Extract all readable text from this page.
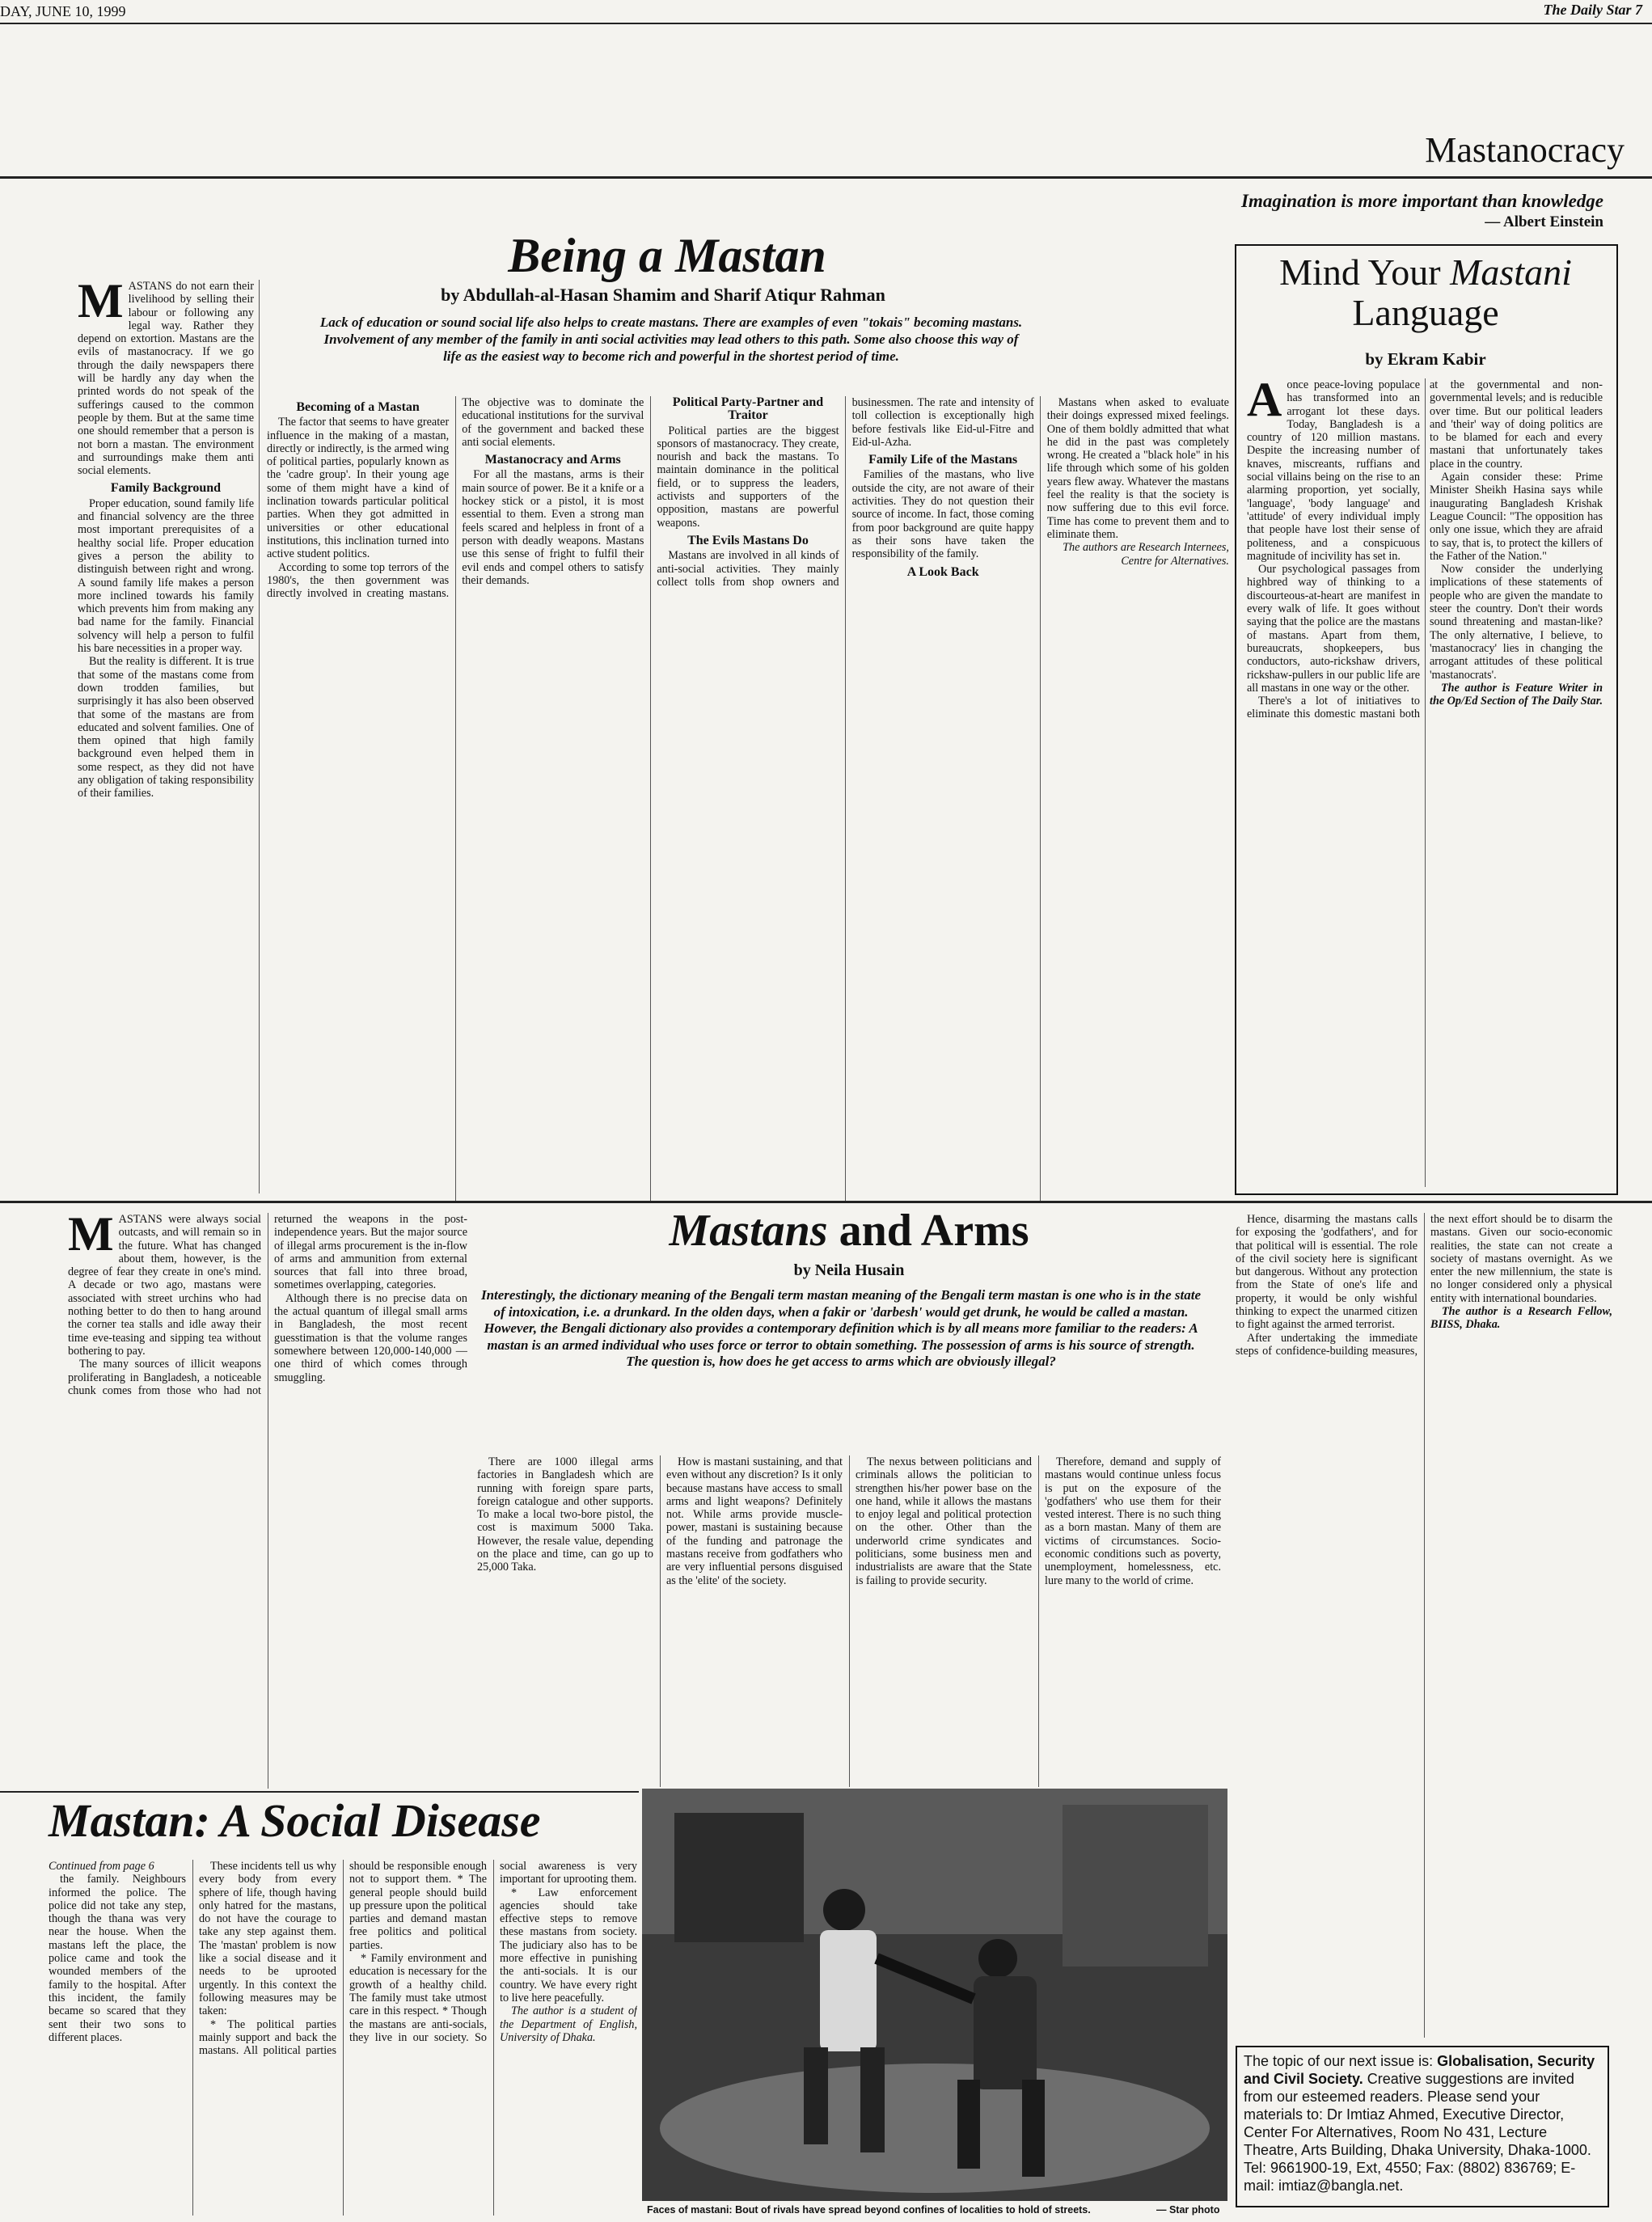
DAY, JUNE 10, 1999	The Daily Star 7
Mastanocracy
Imagination is more important than knowledge
— Albert Einstein
Being a Mastan
by Abdullah-al-Hasan Shamim and Sharif Atiqur Rahman
Lack of education or sound social life also helps to create mastans. There are examples of even "tokais" becoming mastans. Involvement of any member of the family in anti social activities may lead others to this path. Some also choose this way of life as the easiest way to become rich and powerful in the shortest period of time.

MASTANS do not earn their livelihood by selling their labour or following any legal way. Rather they depend on extortion. Mastans are the evils of mastanocracy. If we go through the daily newspapers there will be hardly any day when the printed words do not speak of the sufferings caused to the common people by them. But at the same time one should remember that a person is not born a mastan. The environment and surroundings make them anti social elements.

Family Background

Proper education, sound family life and financial solvency are the three most important prerequisites of a healthy social life. Proper education gives a person the ability to distinguish between right and wrong. A sound family life makes a person more inclined towards his family which prevents him from making any bad name for the family. Financial solvency will help a person to fulfil his bare necessities in a proper way.

But the reality is different. It is true that some of the mastans come from down trodden families, but surprisingly it has also been observed that some of the mastans are from educated and solvent families. One of them opined that high family background even helped them in some respect, as they did not have any obligation of taking responsibility of their families.

Becoming of a Mastan

The factor that seems to have greater influence in the making of a mastan, directly or indirectly, is the armed wing of political parties, popularly known as the 'cadre group'. In their young age some of them might have a kind of inclination towards particular political parties. When they got admitted in universities or other educational institutions, this inclination turned into active student politics.

According to some top terrors of the 1980's, the then government was directly involved in creating mastans. The objective was to dominate the educational institutions for the survival of the government and backed these anti social elements.

Mastanocracy and Arms

For all the mastans, arms is their main source of power. Be it a knife or a hockey stick or a pistol, it is most essential to them. Even a strong man feels scared and helpless in front of a person with deadly weapons. Mastans use this sense of fright to fulfil their evil ends and compel others to satisfy their demands.

Political Party-Partner and Traitor

Political parties are the biggest sponsors of mastanocracy. They create, nourish and back the mastans. To maintain dominance in the political field, or to suppress the leaders, activists and supporters of the opposition, mastans are powerful weapons.

The Evils Mastans Do

Mastans are involved in all kinds of anti-social activities. They mainly collect tolls from shop owners and businessmen. The rate and intensity of toll collection is exceptionally high before festivals like Eid-ul-Fitre and Eid-ul-Azha.

Family Life of the Mastans

Families of the mastans, who live outside the city, are not aware of their activities. They do not question their source of income. In fact, those coming from poor background are quite happy as their sons have taken the responsibility of the family.

A Look Back

Mastans when asked to evaluate their doings expressed mixed feelings. One of them boldly admitted that what he did in the past was completely wrong. He created a "black hole" in his life through which some of his golden years flew away. Whatever the mastans feel the reality is that the society is now suffering due to this evil force. Time has come to prevent them and to eliminate them.

The authors are Research Internees, Centre for Alternatives.

Mind Your Mastani
Language
by Ekram Kabir

Aonce peace-loving populace has transformed into an arrogant lot these days. Today, Bangladesh is a country of 120 million mastans. Despite the increasing number of knaves, miscreants, ruffians and social villains being on the rise to an alarming proportion, yet socially, 'language', 'body language' and 'attitude' of every individual imply that people have lost their sense of politeness, and a conspicuous magnitude of incivility has set in.

Our psychological passages from highbred way of thinking to a discourteous-at-heart are manifest in every walk of life. It goes without saying that the police are the mastans of mastans. Apart from them, bureaucrats, shopkeepers, bus conductors, auto-rickshaw drivers, rickshaw-pullers in our public life are all mastans in one way or the other.

There's a lot of initiatives to eliminate this domestic mastani both at the governmental and non-governmental levels; and is reducible over time. But our political leaders and 'their' way of doing politics are to be blamed for each and every mastani that unfortunately takes place in the country.

Again consider these: Prime Minister Sheikh Hasina says while inaugurating Bangladesh Krishak League Council: "The opposition has only one issue, which they are afraid to say, that is, to protect the killers of the Father of the Nation."

Now consider the underlying implications of these statements of people who are given the mandate to steer the country. Don't their words sound threatening and mastan-like? The only alternative, I believe, to 'mastanocracy' lies in changing the arrogant attitudes of these political 'mastanocrats'.

The author is Feature Writer in the Op/Ed Section of The Daily Star.

Mastans and Arms
by Neila Husain
Interestingly, the dictionary meaning of the Bengali term mastan meaning of the Bengali term mastan is one who is in the state of intoxication, i.e. a drunkard. In the olden days, when a fakir or 'darbesh' would get drunk, he would be called a mastan. However, the Bengali dictionary also provides a contemporary definition which is by all means more familiar to the readers: A mastan is an armed individual who uses force or terror to obtain something. The possession of arms is his source of strength. The question is, how does he get access to arms which are obviously illegal?

MASTANS were always social outcasts, and will remain so in the future. What has changed about them, however, is the degree of fear they create in one's mind. A decade or two ago, mastans were associated with street urchins who had nothing better to do then to hang around the corner tea stalls and idle away their time eve-teasing and sipping tea without bothering to pay.

The many sources of illicit weapons proliferating in Bangladesh, a noticeable chunk comes from those who had not returned the weapons in the post-independence years. But the major source of illegal arms procurement is the in-flow of arms and ammunition from external sources that fall into three broad, sometimes overlapping, categories.

Although there is no precise data on the actual quantum of illegal small arms in Bangladesh, the most recent guesstimation is that the volume ranges somewhere between 120,000-140,000 — one third of which comes through smuggling.

There are 1000 illegal arms factories in Bangladesh which are running with foreign spare parts, foreign catalogue and other supports. To make a local two-bore pistol, the cost is maximum 5000 Taka. However, the resale value, depending on the place and time, can go up to 25,000 Taka.

How is mastani sustaining, and that even without any discretion? Is it only because mastans have access to small arms and light weapons? Definitely not. While arms provide muscle-power, mastani is sustaining because of the funding and patronage the mastans receive from godfathers who are very influential persons disguised as the 'elite' of the society.

The nexus between politicians and criminals allows the politician to strengthen his/her power base on the one hand, while it allows the mastans to enjoy legal and political protection on the other. Other than the underworld crime syndicates and politicians, some business men and industrialists are aware that the State is failing to provide security.

Therefore, demand and supply of mastans would continue unless focus is put on the exposure of the 'godfathers' who use them for their vested interest. There is no such thing as a born mastan. Many of them are victims of circumstances. Socio-economic conditions such as poverty, unemployment, homelessness, etc. lure many to the world of crime.

Hence, disarming the mastans calls for exposing the 'godfathers', and for that political will is essential. The role of the civil society here is significant but dangerous. Without any protection from the State of one's life and property, it would be only wishful thinking to expect the unarmed citizen to fight against the armed terrorist.

After undertaking the immediate steps of confidence-building measures, the next effort should be to disarm the mastans. Given our socio-economic realities, the state can not create a society of mastans overnight. As we enter the new millennium, the state is no longer considered only a physical entity with international boundaries.

The author is a Research Fellow, BIISS, Dhaka.

Faces of mastani: Bout of rivals have spread beyond confines of localities to hold of streets.	— Star photo
Mastan: A Social Disease

Continued from page 6

the family. Neighbours informed the police. The police did not take any step, though the thana was very near the house. When the mastans left the place, the police came and took the wounded members of the family to the hospital. After this incident, the family became so scared that they sent their two sons to different places.

These incidents tell us why every body from every sphere of life, though having only hatred for the mastans, do not have the courage to take any step against them. The 'mastan' problem is now like a social disease and it needs to be uprooted urgently. In this context the following measures may be taken:

* The political parties mainly support and back the mastans. All political parties should be responsible enough not to support them. * The general people should build up pressure upon the political parties and demand mastan free politics and political parties.

* Family environment and education is necessary for the growth of a healthy child. The family must take utmost care in this respect. * Though the mastans are anti-socials, they live in our society. So social awareness is very important for uprooting them.

* Law enforcement agencies should take effective steps to remove these mastans from society. The judiciary also has to be more effective in punishing the anti-socials. It is our country. We have every right to live here peacefully.

The author is a student of the Department of English, University of Dhaka.

The topic of our next issue is: Globalisation, Security and Civil Society. Creative suggestions are invited from our esteemed readers. Please send your materials to: Dr Imtiaz Ahmed, Executive Director, Center For Alternatives, Room No 431, Lecture Theatre, Arts Building, Dhaka University, Dhaka-1000. Tel: 9661900-19, Ext, 4550; Fax: (8802) 836769; E-mail: imtiaz@bangla.net.
